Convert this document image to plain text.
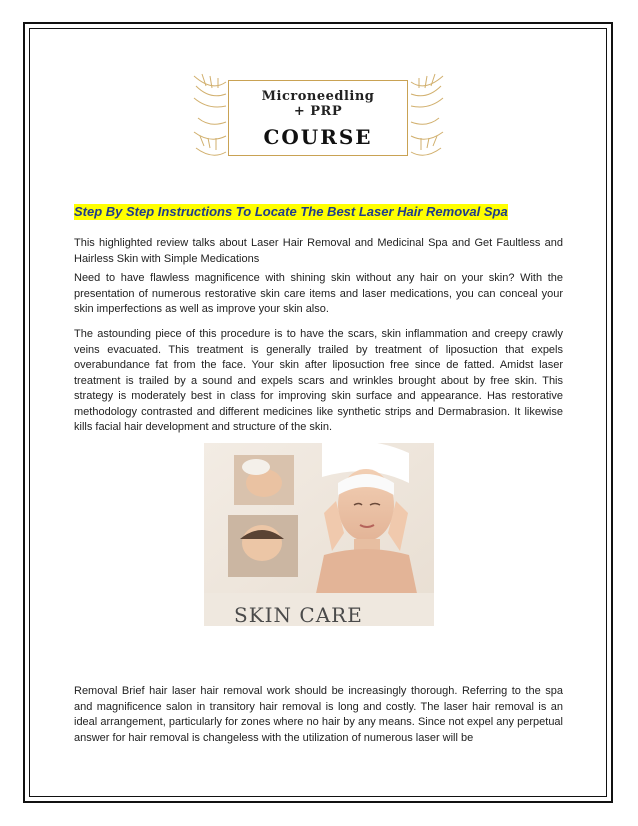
Microneedling
+ PRP
COURSE
Step By Step Instructions To Locate The Best Laser Hair Removal Spa

This highlighted review talks about Laser Hair Removal and Medicinal Spa and Get Faultless and Hairless Skin with Simple Medications

Need to have flawless magnificence with shining skin without any hair on your skin? With the presentation of numerous restorative skin care items and laser medications, you can conceal your skin imperfections as well as improve your skin also.

The astounding piece of this procedure is to have the scars, skin inflammation and creepy crawly veins evacuated. This treatment is generally trailed by treatment of liposuction that expels overabundance fat from the face. Your skin after liposuction free since de fatted. Amidst laser treatment is trailed by a sound and expels scars and wrinkles brought about by free skin. This strategy is moderately best in class for improving skin surface and appearance. Has restorative methodology contrasted and different medicines like synthetic strips and Dermabrasion. It likewise kills facial hair development and structure of the skin.

SKIN CARE

Removal Brief hair laser hair removal work should be increasingly thorough. Referring to the spa and magnificence salon in transitory hair removal is long and costly. The laser hair removal is an ideal arrangement, particularly for zones where no hair by any means. Since not expel any perpetual answer for hair removal is changeless with the utilization of numerous laser will be
